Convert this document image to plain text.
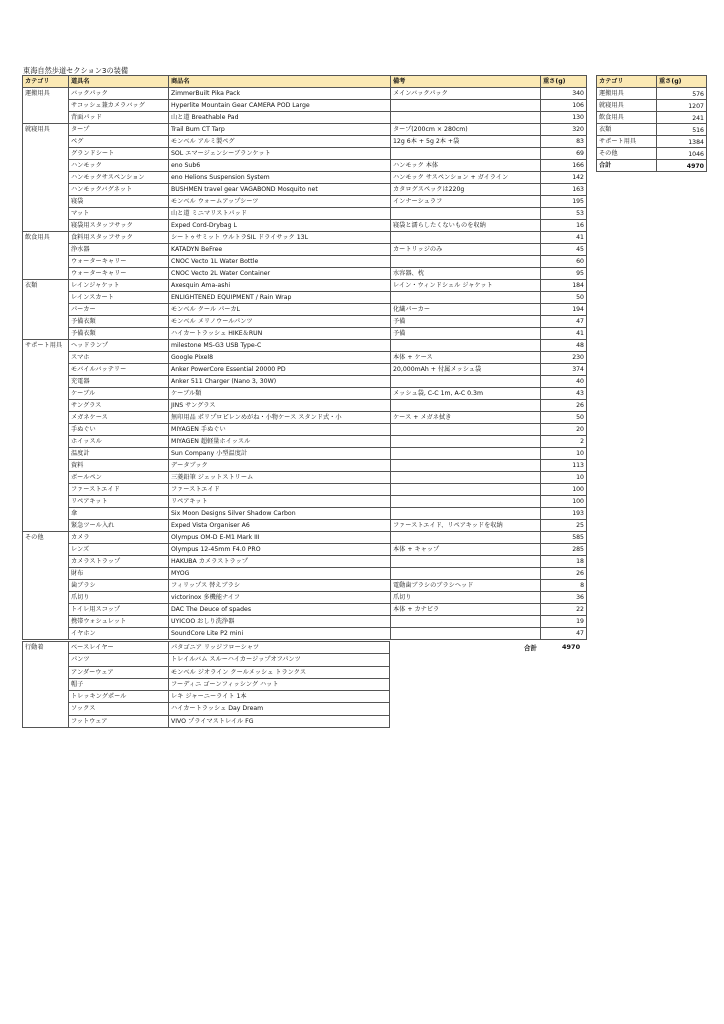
東海自然歩道セクション3の装備
カテゴリ	道具名	商品名	備考	重さ(g)
運搬用具	バックパック	ZimmerBuilt Pika Pack	メインバックパック	340
	サコッシュ兼カメラバッグ	Hyperlite Mountain Gear CAMERA POD Large		106
	背面パッド	山と道 Breathable Pad		130
就寝用具	タープ	Trail Bum CT Tarp	タープ(200cm × 280cm)	320
	ペグ	モンベル アルミ製ペグ	12g 6本 + 5g 2本 +袋	83
	グランドシート	SOL エマージェンシーブランケット		69
	ハンモック	eno Sub6	ハンモック 本体	166
	ハンモックサスペンション	eno Helions Suspension System	ハンモック サスペンション + ガイライン	142
	ハンモックバグネット	BUSHMEN travel gear VAGABOND Mosquito net	カタログスペックは220g	163
	寝袋	モンベル ウォームアップシーツ	インナーシュラフ	195
	マット	山と道 ミニマリストパッド		53
	寝袋用スタッフサック	Exped Cord-Drybag L	寝袋と濡らしたくないものを収納	16
飲食用具	食料用スタッフサック	シートゥサミット ウルトラSIL ドライサック 13L		41
	浄水器	KATADYN BeFree	カートリッジのみ	45
	ウォーターキャリー	CNOC Vecto 1L Water Bottle		60
	ウォーターキャリー	CNOC Vecto 2L Water Container	水容器、枕	95
衣類	レインジャケット	Axesquin Ama-ashi	レイン・ウィンドシェル ジャケット	184
	レインスカート	ENLIGHTENED EQUIPMENT / Rain Wrap		50
	パーカー	モンベル クール パーカL	化繊パーカー	194
	予備衣類	モンベル メリノウールパンツ	予備	47
	予備衣類	ハイカートラッシュ HIKE＆RUN	予備	41
サポート用具	ヘッドランプ	milestone MS-G3 USB Type-C		48
	スマホ	Google Pixel8	本体 + ケース	230
	モバイルバッテリー	Anker PowerCore Essential 20000 PD	20,000mAh + 付属メッシュ袋	374
	充電器	Anker 511 Charger (Nano 3, 30W)		40
	ケーブル	ケーブル類	メッシュ袋, C-C 1m, A-C 0.3m	43
	サングラス	JINS サングラス		26
	メガネケース	無印用品 ポリプロピレンめがね・小物ケース スタンド式・小	ケース + メガネ拭き	50
	手ぬぐい	MIYAGEN 手ぬぐい		20
	ホイッスル	MIYAGEN 超軽量ホイッスル		2
	温度計	Sun Company 小型温度計		10
	資料	データブック		113
	ボールペン	三菱鉛筆 ジェットストリーム		10
	ファーストエイド	ファーストエイド		100
	リペアキット	リペアキット		100
	傘	Six Moon Designs Silver Shadow Carbon		193
	緊急ツール入れ	Exped Vista Organiser A6	ファーストエイド、リペアキッドを収納	25
その他	カメラ	Olympus OM-D E-M1 Mark III		585
	レンズ	Olympus 12-45mm F4.0 PRO	本体 + キャップ	285
	カメラストラップ	HAKUBA カメラストラップ		18
	財布	MYOG		26
	歯ブラシ	フィリップス 替えブラシ	電動歯ブラシのブラシヘッド	8
	爪切り	victorinox 多機能ナイフ	爪切り	36
	トイレ用スコップ	DAC The Deuce of spades	本体 + カナビラ	22
	携帯ウォシュレット	UYICOO おしり洗浄器		19
	イヤホン	SoundCore Lite P2 mini		47
合計	4970
行動着	ベースレイヤー	パタゴニア リッジフローシャツ
	パンツ	トレイルバム スルーハイカージップオフパンツ
	アンダーウェア	モンベル ジオライン クールメッシュ トランクス
	帽子	フーディニ ゴーンフィッシング ハット
	トレッキングポール	レキ ジャーニーライト 1本
	ソックス	ハイカートラッシュ Day Dream
	フットウェア	VIVO プライマストレイル FG
カテゴリ	重さ(g)
運搬用具	576
就寝用具	1207
飲食用具	241
衣類	516
サポート用具	1384
その他	1046
合計	4970
